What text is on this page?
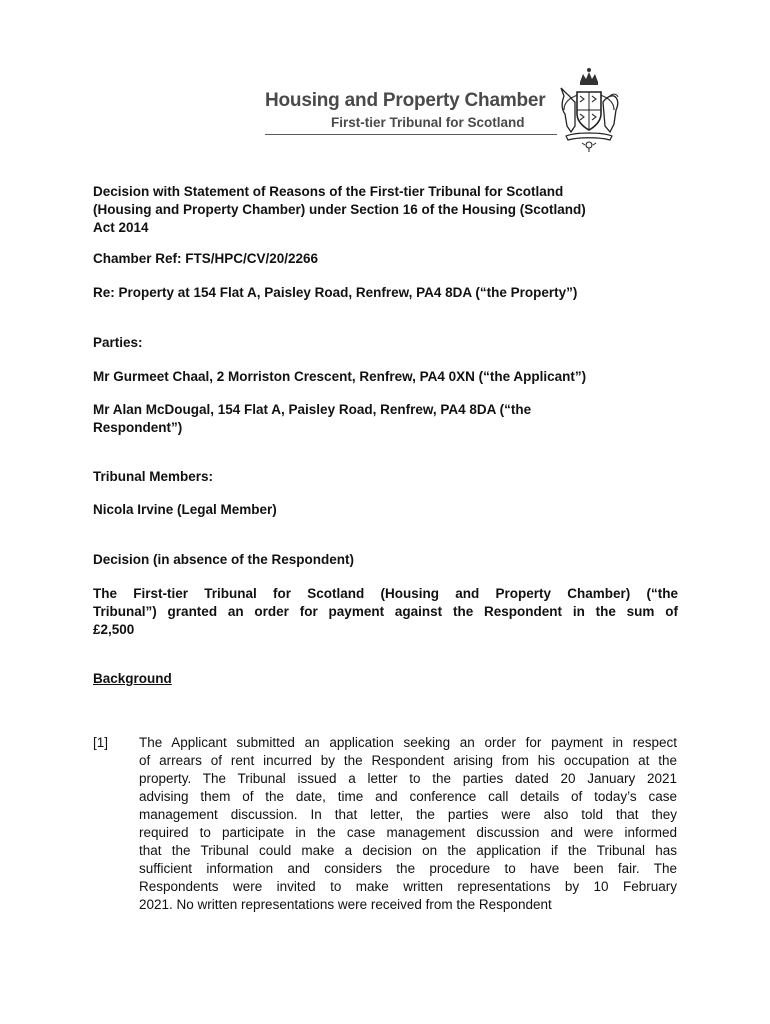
Housing and Property Chamber
First-tier Tribunal for Scotland
Decision with Statement of Reasons of the First-tier Tribunal for Scotland
(Housing and Property Chamber) under Section 16 of the Housing (Scotland)
Act 2014
Chamber Ref: FTS/HPC/CV/20/2266
Re: Property at 154 Flat A, Paisley Road, Renfrew, PA4 8DA (“the Property”)
Parties:
Mr Gurmeet Chaal, 2 Morriston Crescent, Renfrew, PA4 0XN (“the Applicant”)
Mr Alan McDougal, 154 Flat A, Paisley Road, Renfrew, PA4 8DA (“the
Respondent”)
Tribunal Members:
Nicola Irvine (Legal Member)
Decision (in absence of the Respondent)
The First-tier Tribunal for Scotland (Housing and Property Chamber) (“the
Tribunal”) granted an order for payment against the Respondent in the sum of
£2,500
Background
[1] The Applicant submitted an application seeking an order for payment in respect
of arrears of rent incurred by the Respondent arising from his occupation at the
property. The Tribunal issued a letter to the parties dated 20 January 2021
advising them of the date, time and conference call details of today’s case
management discussion. In that letter, the parties were also told that they
required to participate in the case management discussion and were informed
that the Tribunal could make a decision on the application if the Tribunal has
sufficient information and considers the procedure to have been fair. The
Respondents were invited to make written representations by 10 February
2021. No written representations were received from the Respondent
